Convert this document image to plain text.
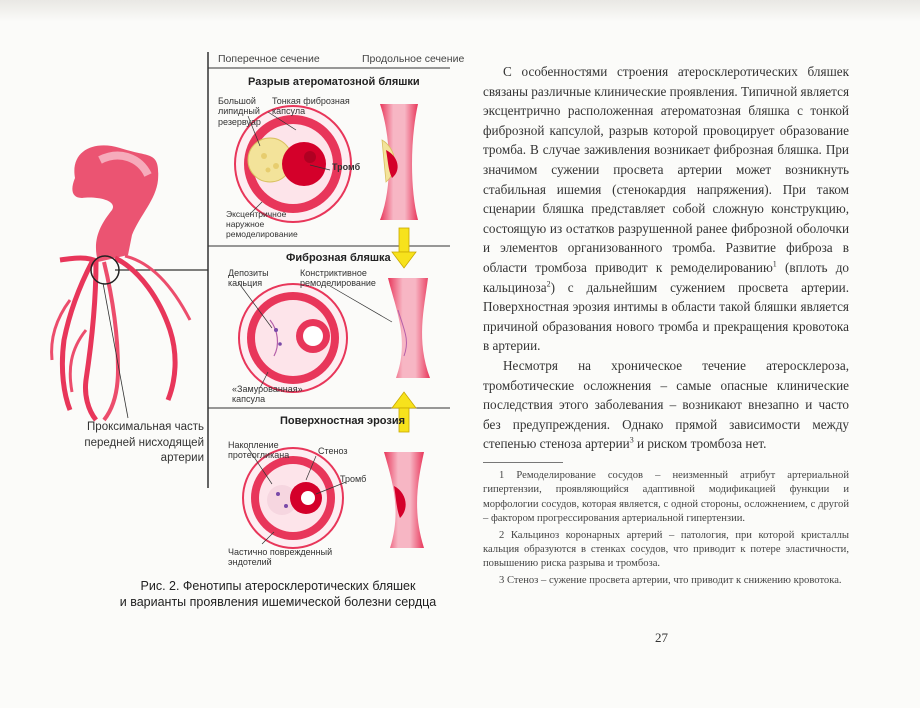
Поперечное сечение	Продольное сечение
Разрыв атероматозной бляшки
Фиброзная бляшка
Поверхностная эрозия
Большой
липидный
резервуар
Тонкая фиброзная
капсула
Тромб
Эксцентричное
наружное
ремоделирование
Депозиты
кальция
Констриктивное
ремоделирование
«Замурованная»
капсула
Накопление
протеогликана	Стеноз
Тромб
Частично поврежденный
эндотелий
Проксимальная часть
передней нисходящей
артерии
Рис. 2. Фенотипы атеросклеротических бляшек
и варианты проявления ишемической болезни сердца

С особенностями строения атеросклеротических бляшек связаны различные клинические проявления. Типичной является эксцентрично расположенная атероматозная бляшка с тонкой фиброзной капсулой, разрыв которой провоцирует образование тромба. В случае заживления возникает фиброзная бляшка. При значимом сужении просвета артерии может возникнуть стабильная ишемия (стенокардия напряжения). При таком сценарии бляшка представляет собой сложную конструкцию, состоящую из остатков разрушенной ранее фиброзной оболочки и элементов организованного тромба. Развитие фиброза в области тромбоза приводит к ремоделированию$^1$ (вплоть до кальциноза$^2$) с дальнейшим сужением просвета артерии. Поверхностная эрозия интимы в области такой бляшки является причиной образования нового тромба и прекращения кровотока в артерии.

Несмотря на хроническое течение атеросклероза, тромботические осложнения – самые опасные клинические последствия этого заболевания – возникают внезапно и часто без предупреждения. Однако прямой зависимости между степенью стеноза артерии$^3$ и риском тромбоза нет.

1 Ремоделирование сосудов – неизменный атрибут артериальной гипертензии, проявляющийся адаптивной модификацией функции и морфологии сосудов, которая является, с одной стороны, осложнением, с другой – фактором прогрессирования артериальной гипертензии.

2 Кальциноз коронарных артерий – патология, при которой кристаллы кальция образуются в стенках сосудов, что приводит к потере эластичности, повышению риска разрыва и тромбоза.

3 Стеноз – сужение просвета артерии, что приводит к снижению кровотока.

27
